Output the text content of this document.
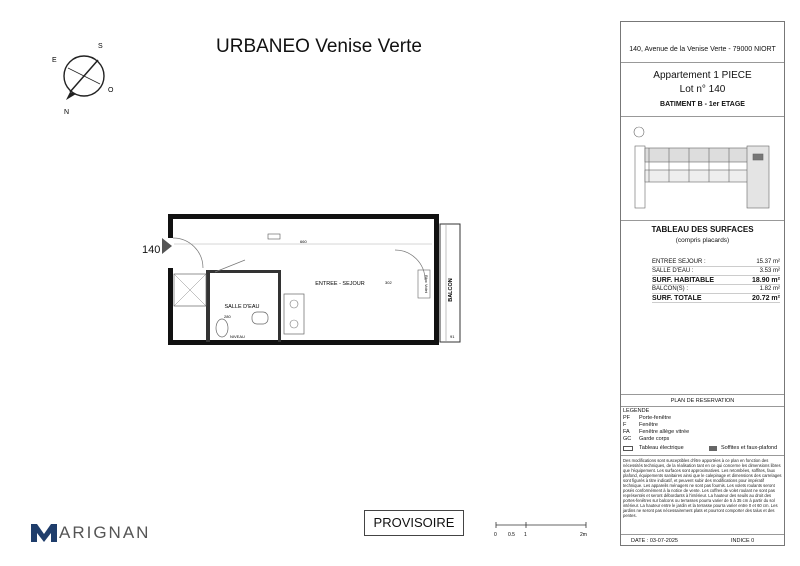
URBANEO Venise Verte
S
E
N
O
140
Bloc Volet
660
302
280
91
NIVEAU
ENTREE - SEJOUR
SALLE D'EAU
BALCON
140, Avenue de la Venise Verte - 79000 NIORT
Appartement 1 PIECE
Lot n° 140
BATIMENT B - 1er ETAGE
TABLEAU DES SURFACES
(compris placards)
ENTREE SEJOUR :	15.37 m²
SALLE D'EAU :	3.53 m²
SURF. HABITABLE	18.90 m²
BALCON(S) :	1.82 m²
SURF. TOTALE	20.72 m²
PLAN DE RESERVATION
LEGENDE
PF Porte-fenêtre
F Fenêtre
FA Fenêtre allège vitrée
GC Garde corps
Tableau électrique	Soffites et faux-plafond
Des modifications sont susceptibles d'être apportées à ce plan en fonction des nécessités techniques, de la réalisation tant en ce qui concerne les dimensions libres que l'équipement. Les surfaces sont approximatives. Les retombées, soffites, faux plafond, équipements sanitaires ainsi que le calepinage et dimensions des carrelages sont figurés à titre indicatif, et peuvent subir des modifications pour impératif technique. Les appareils ménagers ne sont pas fournis. Les volets roulants seront posés conformément à la notice de vente. Les coffres de volet roulant ne sont pas représentés et seront débordants à l'intérieur. La hauteur des seuils au droit des portes-fenêtres sur balcons ou terrasses pourra varier de 5 à 35 cm à partir du sol intérieur. La hauteur entre le jardin et la terrasse pourra varier entre 0 et 60 cm. Les jardins ne seront pas nécessairement plats et pourront comporter des talus et des pentes.
DATE : 03-07-2025	INDICE 0
PROVISOIRE
ARIGNAN	0 0.5 1	2m
